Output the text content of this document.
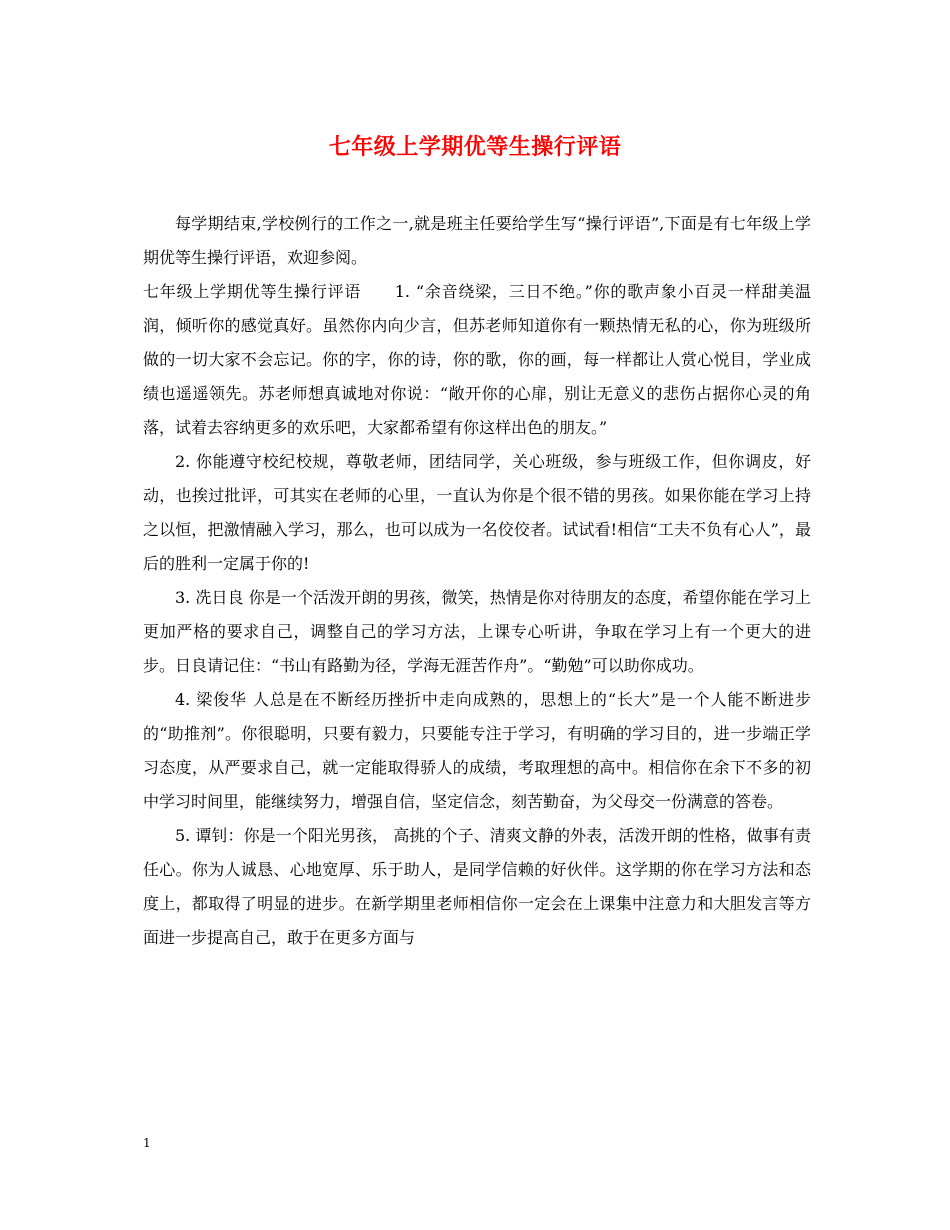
七年级上学期优等生操行评语

每学期结束,学校例行的工作之一,就是班主任要给学生写“操行评语”,下面是有七年级上学期优等生操行评语，欢迎参阅。

七年级上学期优等生操行评语　　1. “余音绕梁，三日不绝。”你的歌声象小百灵一样甜美温润，倾听你的感觉真好。虽然你内向少言，但苏老师知道你有一颗热情无私的心，你为班级所做的一切大家不会忘记。你的字，你的诗，你的歌，你的画，每一样都让人赏心悦目，学业成绩也遥遥领先。苏老师想真诚地对你说：“敞开你的心扉，别让无意义的悲伤占据你心灵的角落，试着去容纳更多的欢乐吧，大家都希望有你这样出色的朋友。”

2. 你能遵守校纪校规，尊敬老师，团结同学，关心班级，参与班级工作，但你调皮，好动，也挨过批评，可其实在老师的心里，一直认为你是个很不错的男孩。如果你能在学习上持之以恒，把激情融入学习，那么，也可以成为一名佼佼者。试试看!相信“工夫不负有心人”，最后的胜利一定属于你的!

3. 冼日良 你是一个活泼开朗的男孩，微笑，热情是你对待朋友的态度，希望你能在学习上更加严格的要求自己，调整自己的学习方法，上课专心听讲，争取在学习上有一个更大的进步。日良请记住：“书山有路勤为径，学海无涯苦作舟”。“勤勉”可以助你成功。

4. 梁俊华 人总是在不断经历挫折中走向成熟的，思想上的“长大”是一个人能不断进步的“助推剂”。你很聪明，只要有毅力，只要能专注于学习，有明确的学习目的，进一步端正学习态度，从严要求自己，就一定能取得骄人的成绩，考取理想的高中。相信你在余下不多的初中学习时间里，能继续努力，增强自信，坚定信念，刻苦勤奋，为父母交一份满意的答卷。

5. 谭钊：你是一个阳光男孩， 高挑的个子、清爽文静的外表，活泼开朗的性格，做事有责任心。你为人诚恳、心地宽厚、乐于助人，是同学信赖的好伙伴。这学期的你在学习方法和态度上，都取得了明显的进步。在新学期里老师相信你一定会在上课集中注意力和大胆发言等方面进一步提高自己，敢于在更多方面与

1
